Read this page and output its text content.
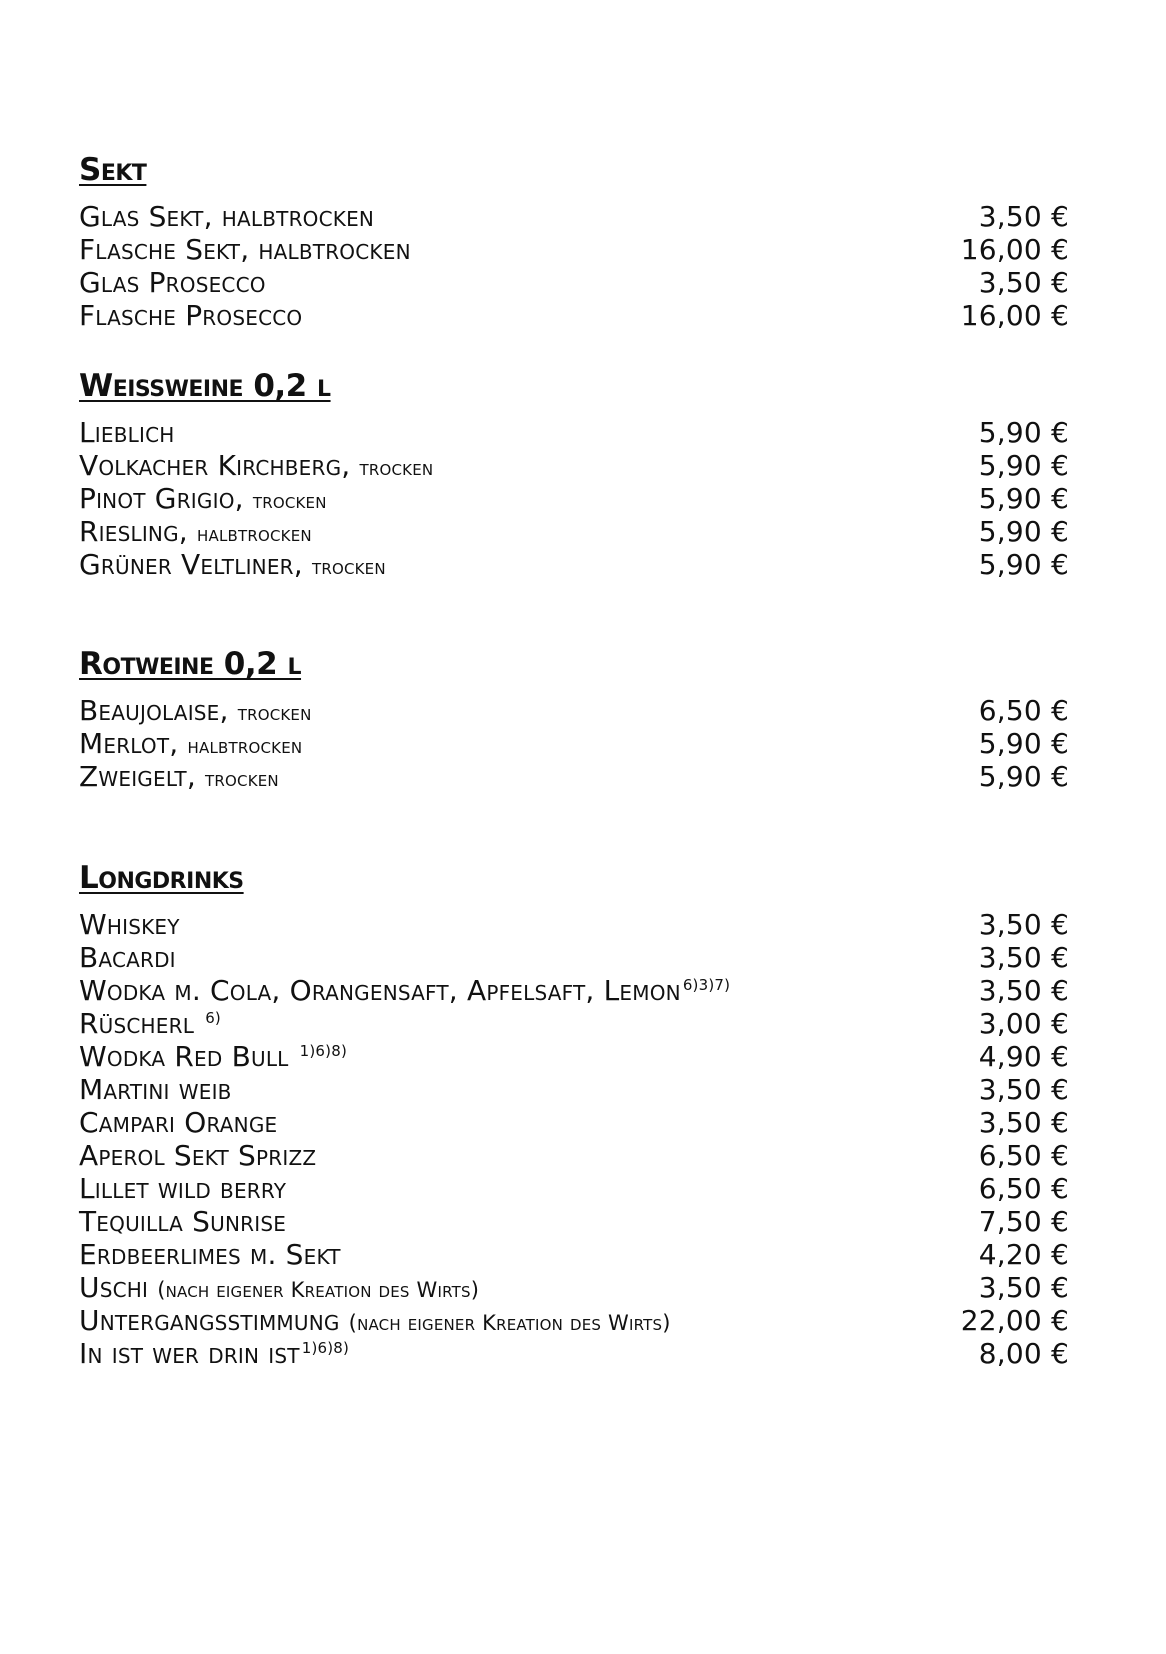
Sekt
Glas Sekt, halbtrocken	3,50 €
Flasche Sekt, halbtrocken	16,00 €
Glas Prosecco	3,50 €
Flasche Prosecco	16,00 €
Weissweine 0,2 l
Lieblich	5,90 €
Volkacher Kirchberg, trocken	5,90 €
Pinot Grigio, trocken	5,90 €
Riesling, halbtrocken	5,90 €
Grüner Veltliner, trocken	5,90 €
Rotweine 0,2 l
Beaujolaise, trocken	6,50 €
Merlot, halbtrocken	5,90 €
Zweigelt, trocken	5,90 €
Longdrinks
Whiskey	3,50 €
Bacardi	3,50 €
Wodka m. Cola, Orangensaft, Apfelsaft, Lemon $^{6)3)7)}$	3,50 €
Rüscherl $^{6)}$	3,00 €
Wodka Red Bull $^{1)6)8)}$	4,90 €
Martini weiβ	3,50 €
Campari Orange	3,50 €
Aperol Sekt Sprizz	6,50 €
Lillet wild berry	6,50 €
Tequilla Sunrise	7,50 €
Erdbeerlimes m. Sekt	4,20 €
Uschi (nach eigener Kreation des Wirts)	3,50 €
Untergangsstimmung (nach eigener Kreation des Wirts)	22,00 €
In ist wer drin ist $^{1)6)8)}$	8,00 €
